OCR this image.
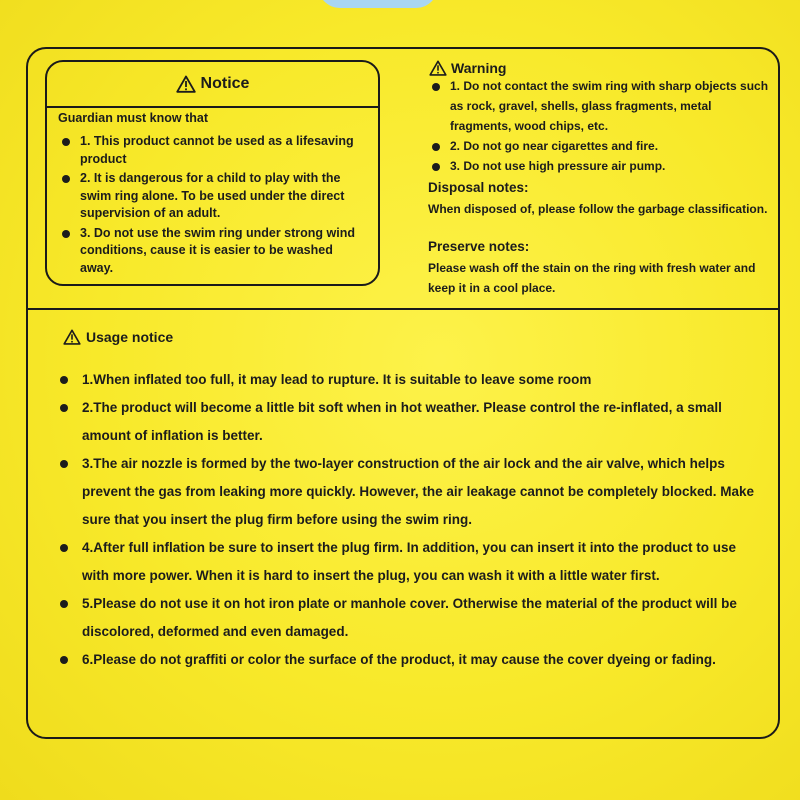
Notice
Guardian must know that
1. This product cannot be used as a lifesaving product
2. It is dangerous for a child to play with the swim ring alone. To be used under the direct supervision of an adult.
3. Do not use the swim ring under strong wind conditions, cause it is easier to be washed away.
Warning
1. Do not contact the swim ring with sharp objects such as rock, gravel, shells, glass fragments, metal fragments, wood chips, etc.
2. Do not go near cigarettes and fire.
3. Do not use high pressure air pump.
Disposal notes:
When disposed of, please follow the garbage classification.
Preserve notes:
Please wash off the stain on the ring with fresh water and keep it in a cool place.
Usage notice
1.When inflated too full, it may lead to rupture. It is suitable to leave some room
2.The product will become a little bit soft when in hot weather. Please control the re-inflated, a small amount of inflation is better.
3.The air nozzle is formed by the two-layer construction of the air lock and the air valve, which helps prevent the gas from leaking more quickly. However, the air leakage cannot be completely blocked. Make sure that you insert the plug firm before using the swim ring.
4.After full inflation be sure to insert the plug firm. In addition, you can insert it into the product to use with more power. When it is hard to insert the plug, you can wash it with a little water first.
5.Please do not use it on hot iron plate or manhole cover. Otherwise the material of the product will be discolored, deformed and even damaged.
6.Please do not graffiti or color the surface of the product, it may cause the cover dyeing or fading.
